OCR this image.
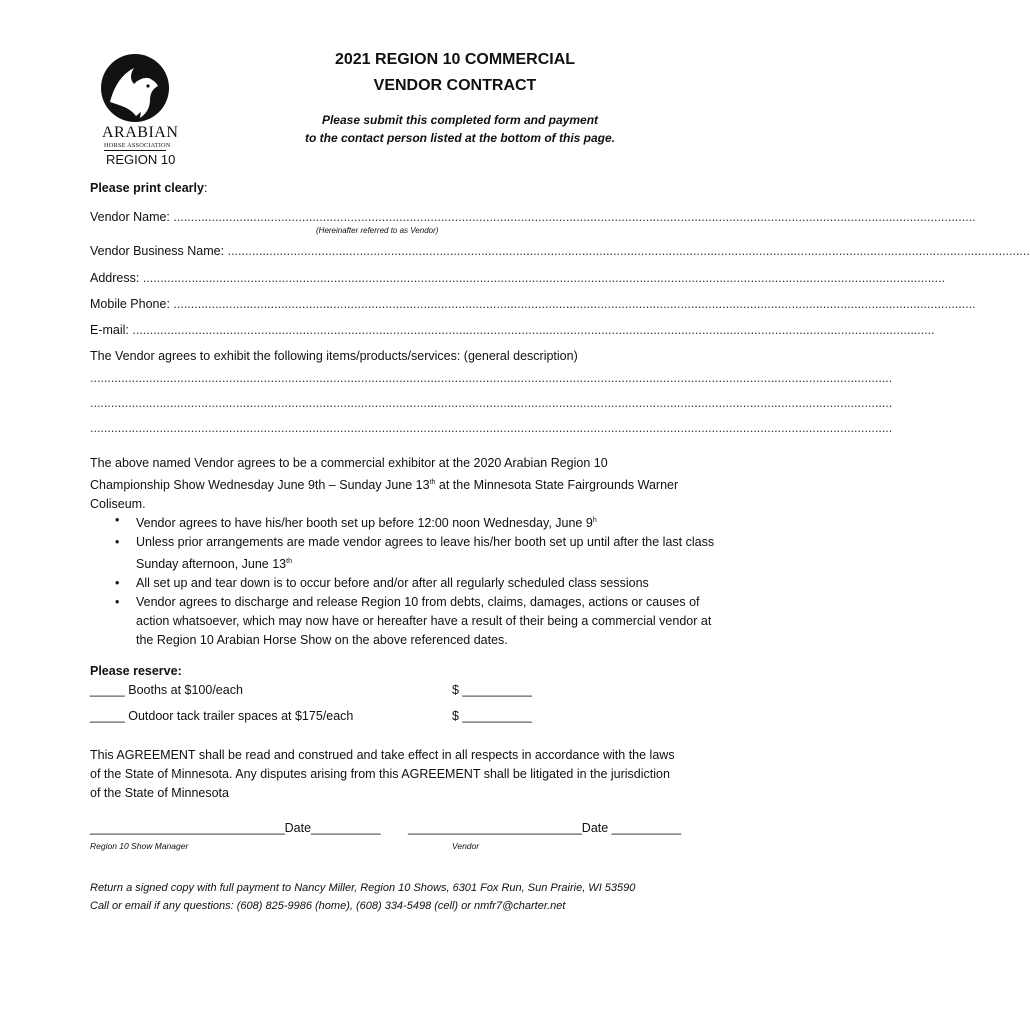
ARABIAN
HORSE ASSOCIATION
REGION 10
2021 REGION 10 COMMERCIAL
VENDOR CONTRACT
Please submit this completed form and payment
to the contact person listed at the bottom of this page.
Please print clearly:
Vendor Name: .......................................................................................................................................................................................................................................
(Hereinafter referred to as Vendor)
Vendor Business Name: .......................................................................................................................................................................................................................................
Address: .......................................................................................................................................................................................................................................
Mobile Phone: .......................................................................................................................................................................................................................................
E-mail: .......................................................................................................................................................................................................................................
The Vendor agrees to exhibit the following items/products/services: (general description)
.......................................................................................................................................................................................................................................
.......................................................................................................................................................................................................................................
.......................................................................................................................................................................................................................................
The above named Vendor agrees to be a commercial exhibitor at the 2020 Arabian Region 10 Championship Show Wednesday June 9th – Sunday June 13th at the Minnesota State Fairgrounds Warner Coliseum.
• Vendor agrees to have his/her booth set up before 12:00 noon Wednesday, June 9$^h$
• Unless prior arrangements are made vendor agrees to leave his/her booth set up until after the last class Sunday afternoon, June 13th
• All set up and tear down is to occur before and/or after all regularly scheduled class sessions
• Vendor agrees to discharge and release Region 10 from debts, claims, damages, actions or causes of action whatsoever, which may now have or hereafter have a result of their being a commercial vendor at the Region 10 Arabian Horse Show on the above referenced dates.
Please reserve:
_____ Booths at $100/each	$ __________
_____ Outdoor tack trailer spaces at $175/each	$ __________
This AGREEMENT shall be read and construed and take effect in all respects in accordance with the laws of the State of Minnesota. Any disputes arising from this AGREEMENT shall be litigated in the jurisdiction of the State of Minnesota
____________________________Date__________ _________________________Date __________
Region 10 Show Manager	Vendor
Return a signed copy with full payment to Nancy Miller, Region 10 Shows, 6301 Fox Run, Sun Prairie, WI 53590
Call or email if any questions: (608) 825-9986 (home), (608) 334-5498 (cell) or nmfr7@charter.net
